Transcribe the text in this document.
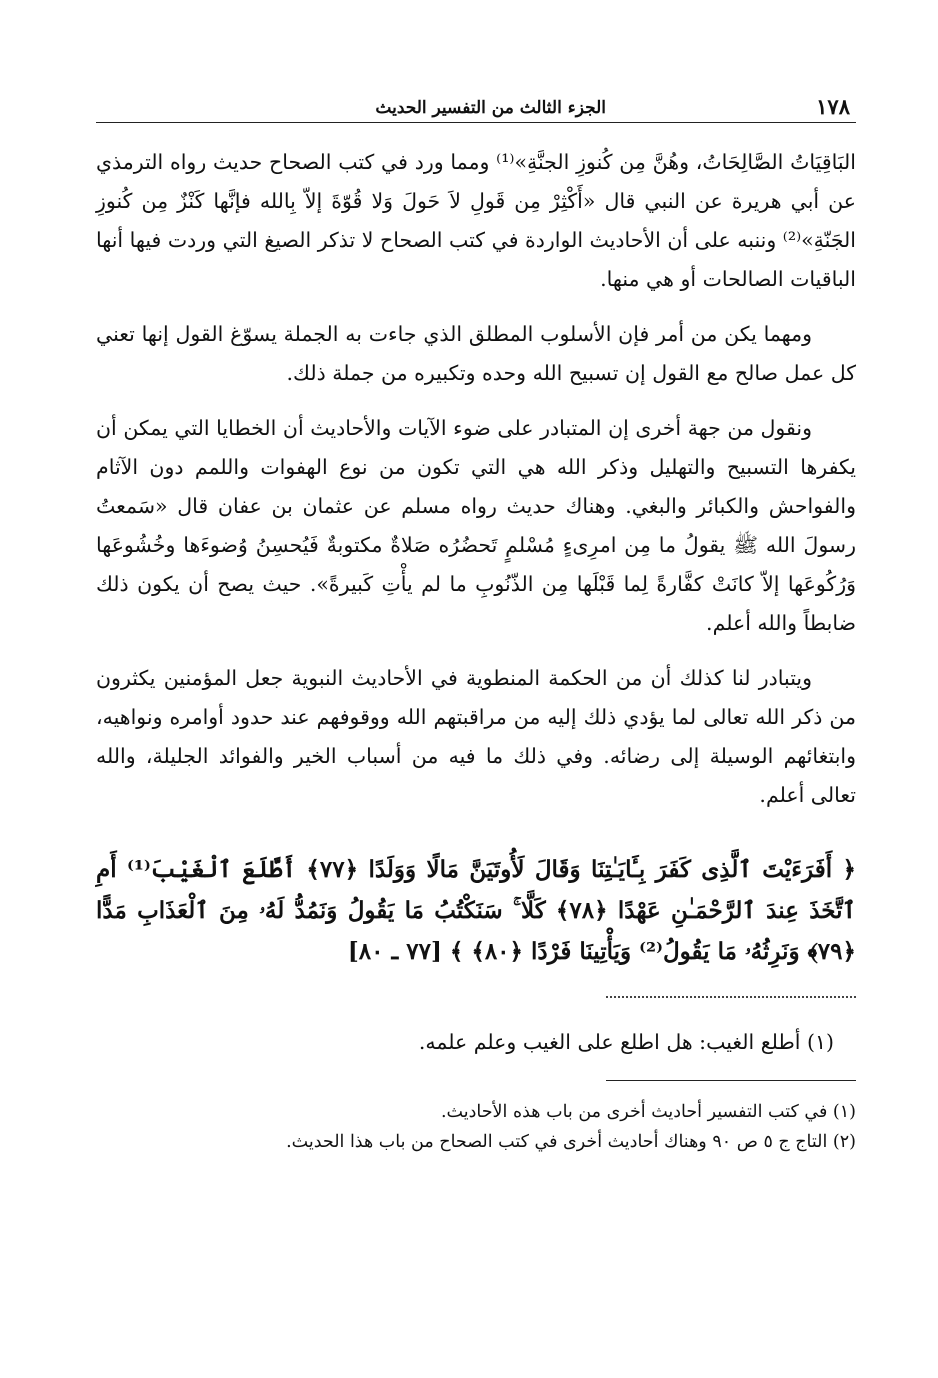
١٧٨
الجزء الثالث من التفسير الحديث

البَاقِيَاتُ الصَّالِحَاتُ، وهُنَّ مِن كُنوزِ الجنَّةِ»⁽¹⁾ ومما ورد في كتب الصحاح حديث رواه الترمذي عن أبي هريرة عن النبي قال «أَكْثِرْ مِن قَولِ لاَ حَولَ وَلا قُوّةَ إلاّ بِالله فإنَّها كَنْزٌ مِن كُنوزِ الجَنّةِ»⁽²⁾ وننبه على أن الأحاديث الواردة في كتب الصحاح لا تذكر الصيغ التي وردت فيها أنها الباقيات الصالحات أو هي منها.

ومهما يكن من أمر فإن الأسلوب المطلق الذي جاءت به الجملة يسوّغ القول إنها تعني كل عمل صالح مع القول إن تسبيح الله وحده وتكبيره من جملة ذلك.

ونقول من جهة أخرى إن المتبادر على ضوء الآيات والأحاديث أن الخطايا التي يمكن أن يكفرها التسبيح والتهليل وذكر الله هي التي تكون من نوع الهفوات واللمم دون الآثام والفواحش والكبائر والبغي. وهناك حديث رواه مسلم عن عثمان بن عفان قال «سَمعتُ رسولَ الله ﷺ يقولُ ما مِن امرِىءٍ مُسْلمٍ تَحضُرُه صَلاةٌ مكتوبةٌ فَيُحسِنُ وُضوءَها وخُشُوعَها وَرُكُوعَها إلاّ كانَتْ كفَّارةً لِما قَبْلَها مِن الذّنُوبِ ما لم يأْتِ كَبيرةً». حيث يصح أن يكون ذلك ضابطاً والله أعلم.

ويتبادر لنا كذلك أن من الحكمة المنطوية في الأحاديث النبوية جعل المؤمنين يكثرون من ذكر الله تعالى لما يؤدي ذلك إليه من مراقبتهم الله ووقوفهم عند حدود أوامره ونواهيه، وابتغائهم الوسيلة إلى رضائه. وفي ذلك ما فيه من أسباب الخير والفوائد الجليلة، والله تعالى أعلم.

﴿ أَفَرَءَيْتَ ٱلَّذِى كَفَرَ بِـَٔايَـٰتِنَا وَقَالَ لَأُوتَيَنَّ مَالًا وَوَلَدًا ﴿٧٧﴾ أَطَّلَعَ ٱلْغَيْبَ⁽¹⁾ أَمِ ٱتَّخَذَ عِندَ ٱلرَّحْمَـٰنِ عَهْدًا ﴿٧٨﴾ كَلَّا ۚ سَنَكْتُبُ مَا يَقُولُ وَنَمُدُّ لَهُۥ مِنَ ٱلْعَذَابِ مَدًّا ﴿٧٩﴾ وَنَرِثُهُۥ مَا يَقُولُ⁽²⁾ وَيَأْتِينَا فَرْدًا ﴿٨٠﴾ ﴾ [٧٧ ـ ٨٠]
(١) أطلع الغيب: هل اطلع على الغيب وعلم علمه.
(١) في كتب التفسير أحاديث أخرى من باب هذه الأحاديث.
(٢) التاج ج ٥ ص ٩٠ وهناك أحاديث أخرى في كتب الصحاح من باب هذا الحديث.
